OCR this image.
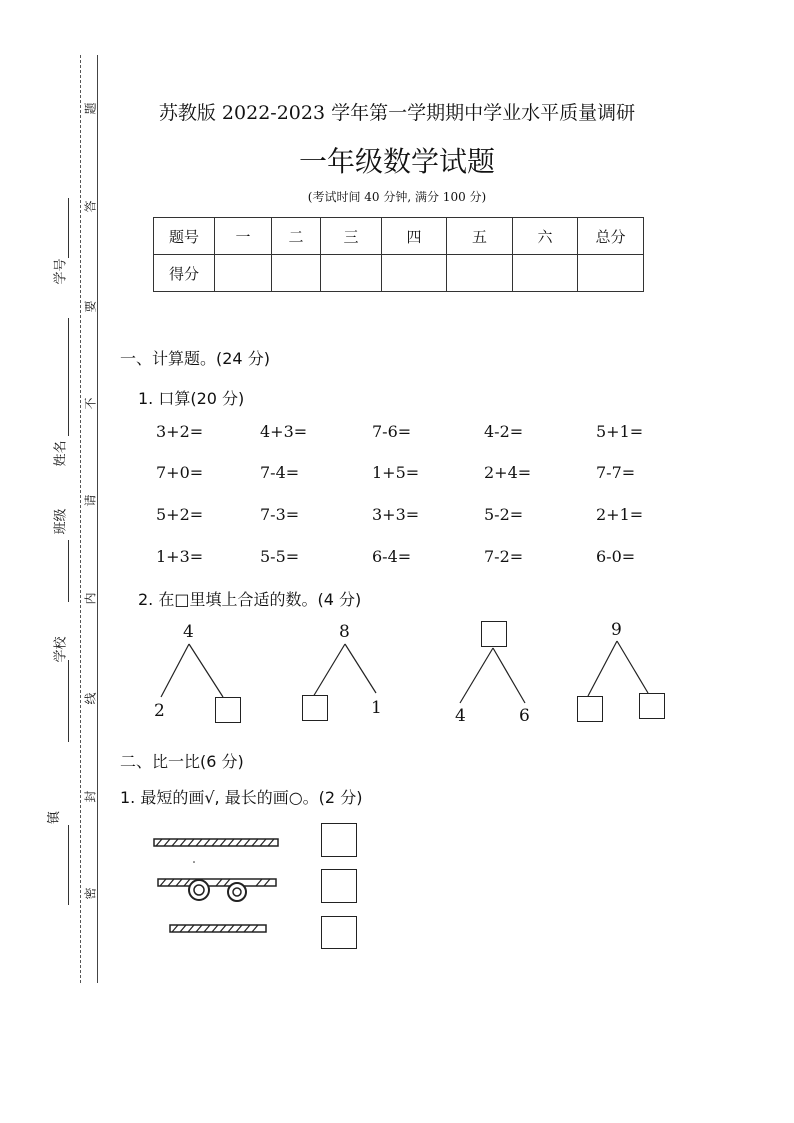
题
答
要
不
请
内
线
封
密
学号
姓名
班级
学校
镇
苏教版 2022-2023 学年第一学期期中学业水平质量调研
一年级数学试题
(考试时间 40 分钟, 满分 100 分)
题号	一	二	三	四	五	六	总分
得分							
一、计算题。(24 分)
1. 口算(20 分)
3+2=	4+3=	7-6=	4-2=	5+1=
7+0=	7-4=	1+5=	2+4=	7-7=
5+2=	7-3=	3+3=	5-2=	2+1=
1+3=	5-5=	6-4=	7-2=	6-0=
2. 在□里填上合适的数。(4 分)
4
2
8
1	4	6
9
二、比一比(6 分)
1. 最短的画√, 最长的画○。(2 分)
